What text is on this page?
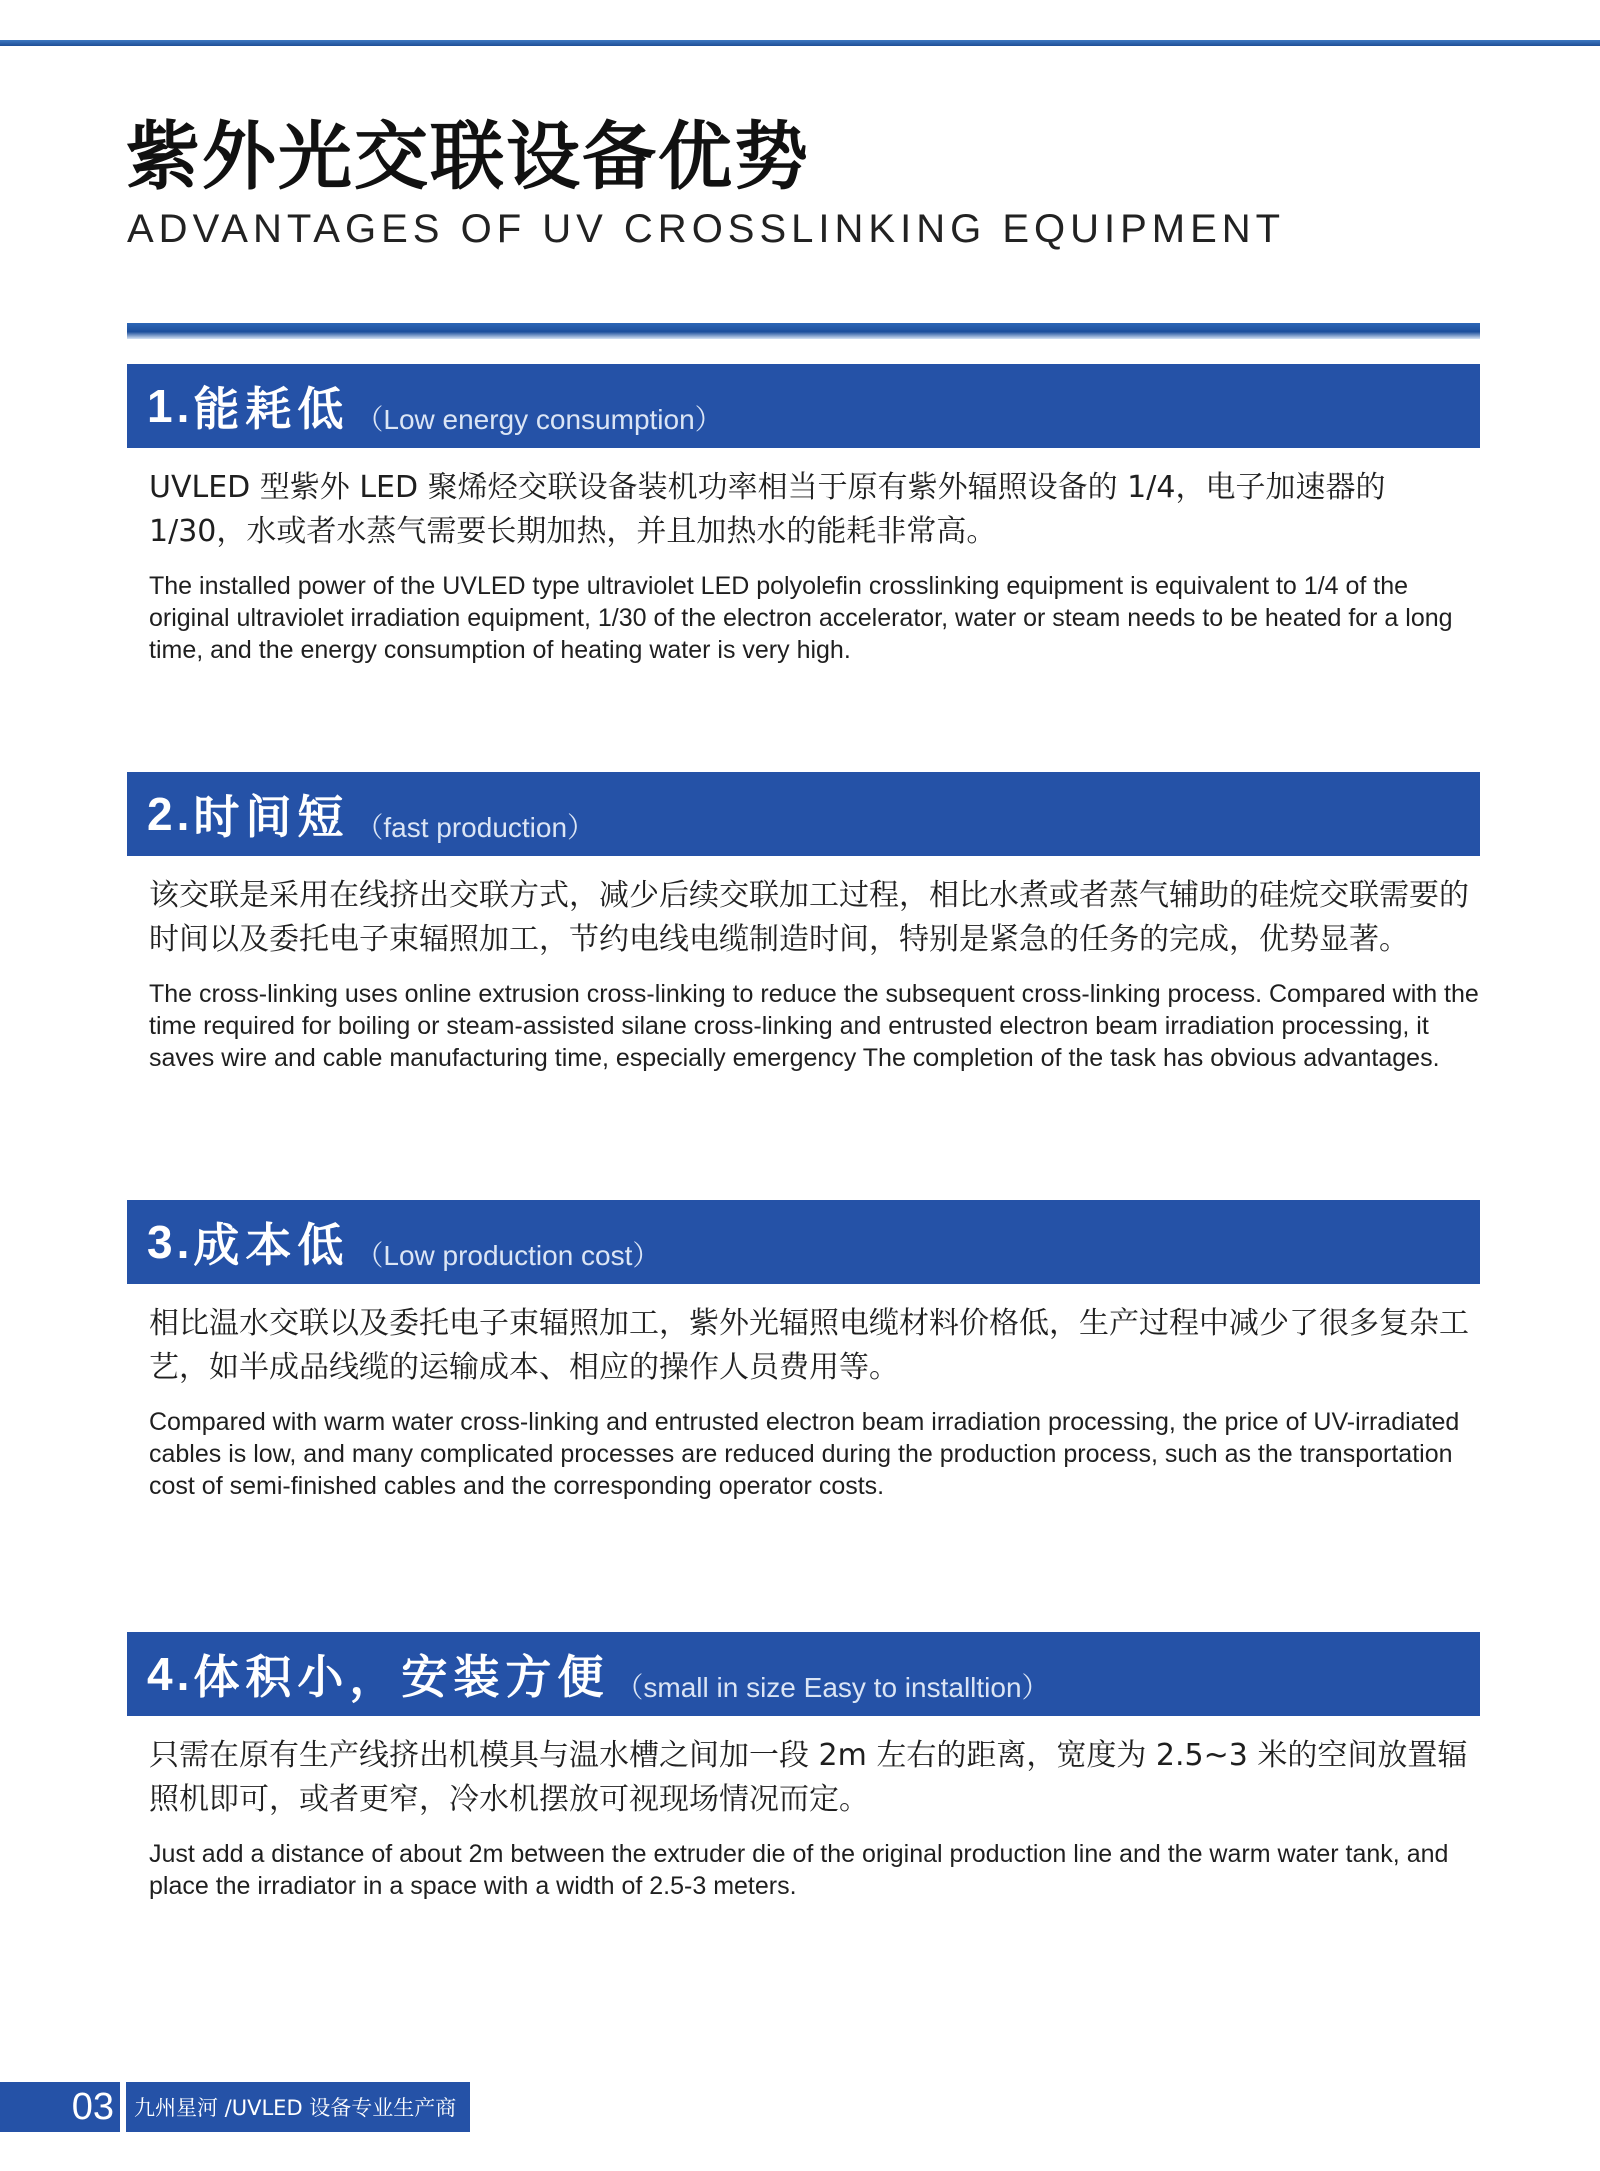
紫外光交联设备优势
ADVANTAGES OF UV CROSSLINKING EQUIPMENT
1. 能耗低 （Low energy consumption）
UVLED 型紫外 LED 聚烯烃交联设备装机功率相当于原有紫外辐照设备的 1/4，电子加速器的 1/30，水或者水蒸气需要长期加热，并且加热水的能耗非常高。
The installed power of the UVLED type ultraviolet LED polyolefin crosslinking equipment is equivalent to 1/4 of the original ultraviolet irradiation equipment, 1/30 of the electron accelerator, water or steam needs to be heated for a long time, and the energy consumption of heating water is very high.
2. 时间短 （fast production）
该交联是采用在线挤出交联方式，减少后续交联加工过程，相比水煮或者蒸气辅助的硅烷交联需要的时间以及委托电子束辐照加工，节约电线电缆制造时间，特别是紧急的任务的完成，优势显著。
The cross-linking uses online extrusion cross-linking to reduce the subsequent cross-linking process. Compared with the time required for boiling or steam-assisted silane cross-linking and entrusted electron beam irradiation processing, it saves wire and cable manufacturing time, especially emergency The completion of the task has obvious advantages.
3. 成本低 （Low production cost）
相比温水交联以及委托电子束辐照加工，紫外光辐照电缆材料价格低，生产过程中减少了很多复杂工艺，如半成品线缆的运输成本、相应的操作人员费用等。
Compared with warm water cross-linking and entrusted electron beam irradiation processing, the price of UV-irradiated cables is low, and many complicated processes are reduced during the production process, such as the transportation cost of semi-finished cables and the corresponding operator costs.
4. 体积小，安装方便 （small in size Easy to installtion）
只需在原有生产线挤出机模具与温水槽之间加一段 2m 左右的距离，宽度为 2.5~3 米的空间放置辐照机即可，或者更窄，冷水机摆放可视现场情况而定。
Just add a distance of about 2m between the extruder die of the original production line and the warm water tank, and place the irradiator in a space with a width of 2.5-3 meters.
03 九州星河 /UVLED 设备专业生产商
